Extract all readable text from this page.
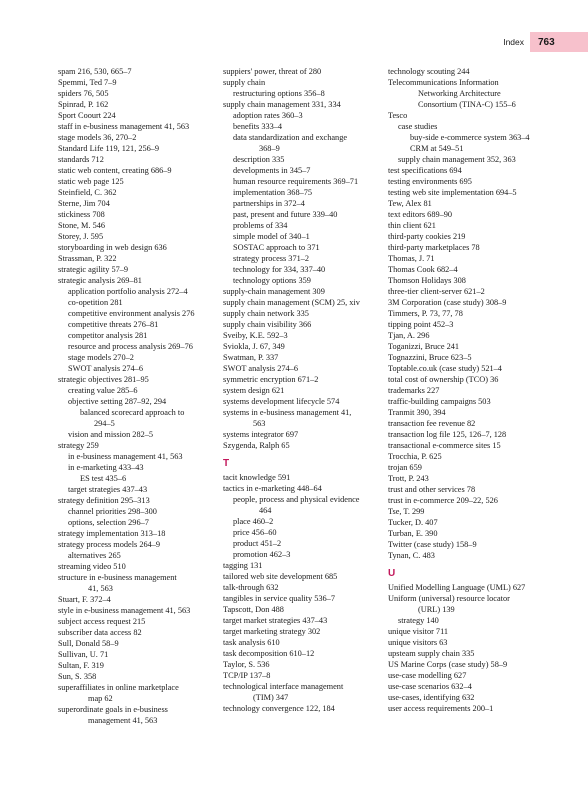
Index 763
spam 216, 530, 665–7
Spemmi, Ted 7–9
spiders 76, 505
Spinrad, P. 162
Sport Coourt 224
staff in e-business management 41, 563
stage models 36, 270–2
Standard Life 119, 121, 256–9
standards 712
static web content, creating 686–9
static web page 125
Steinfield, C. 362
Sterne, Jim 704
stickiness 708
Stone, M. 546
Storey, J. 595
storyboarding in web design 636
Strassman, P. 322
strategic agility 57–9
strategic analysis 269–81
application portfolio analysis 272–4
co-opetition 281
competitive environment analysis 276
competitive threats 276–81
competitor analysis 281
resource and process analysis 269–76
stage models 270–2
SWOT analysis 274–6
strategic objectives 281–95
creating value 285–6
objective setting 287–92, 294
balanced scorecard approach to
294–5
vision and mission 282–5
strategy 259
in e-business management 41, 563
in e-marketing 433–43
ES test 435–6
target strategies 437–43
strategy definition 295–313
channel priorities 298–300
options, selection 296–7
strategy implementation 313–18
strategy process models 264–9
alternatives 265
streaming video 510
structure in e-business management
41, 563
Stuart, F. 372–4
style in e-business management 41, 563
subject access request 215
subscriber data access 82
Sull, Donald 58–9
Sullivan, U. 71
Sultan, F. 319
Sun, S. 358
superaffiliates in online marketplace
map 62
superordinate goals in e-business
management 41, 563
suppiers' power, threat of 280
supply chain
restructuring options 356–8
supply chain management 331, 334
adoption rates 360–3
benefits 333–4
data standardization and exchange
368–9
description 335
developments in 345–7
human resource requirements 369–71
implementation 368–75
partnerships in 372–4
past, present and future 339–40
problems of 334
simple model of 340–1
SOSTAC approach to 371
strategy process 371–2
technology for 334, 337–40
technology options 359
supply-chain management 309
supply chain management (SCM) 25, xiv
supply chain network 335
supply chain visibility 366
Sveiby, K.E. 592–3
Sviokla, J. 67, 349
Swatman, P. 337
SWOT analysis 274–6
symmetric encryption 671–2
system design 621
systems development lifecycle 574
systems in e-business management 41,
563
systems integrator 697
Szygenda, Ralph 65
T
tacit knowledge 591
tactics in e-marketing 448–64
people, process and physical evidence
464
place 460–2
price 456–60
product 451–2
promotion 462–3
tagging 131
tailored web site development 685
talk-through 632
tangibles in service quality 536–7
Tapscott, Don 488
target market strategies 437–43
target marketing strategy 302
task analysis 610
task decomposition 610–12
Taylor, S. 536
TCP/IP 137–8
technological interface management
(TIM) 347
technology convergence 122, 184
technology scouting 244
Telecommunications Information
Networking Architecture
Consortium (TINA-C) 155–6
Tesco
case studies
buy-side e-commerce system 363–4
CRM at 549–51
supply chain management 352, 363
test specifications 694
testing environments 695
testing web site implementation 694–5
Tew, Alex 81
text editors 689–90
thin client 621
third-party cookies 219
third-party marketplaces 78
Thomas, J. 71
Thomas Cook 682–4
Thomson Holidays 308
three-tier client-server 621–2
3M Corporation (case study) 308–9
Timmers, P. 73, 77, 78
tipping point 452–3
Tjan, A. 296
Toganizzi, Bruce 241
Tognazzini, Bruce 623–5
Toptable.co.uk (case study) 521–4
total cost of ownership (TCO) 36
trademarks 227
traffic-building campaigns 503
Tranmit 390, 394
transaction fee revenue 82
transaction log file 125, 126–7, 128
transactional e-commerce sites 15
Trocchia, P. 625
trojan 659
Trott, P. 243
trust and other services 78
trust in e-commerce 209–22, 526
Tse, T. 299
Tucker, D. 407
Turban, E. 390
Twitter (case study) 158–9
Tynan, C. 483
U
Unified Modelling Language (UML) 627
Uniform (universal) resource locator
(URL) 139
strategy 140
unique visitor 711
unique visitors 63
upsteam supply chain 335
US Marine Corps (case study) 58–9
use-case modelling 627
use-case scenarios 632–4
use-cases, identifying 632
user access requirements 200–1
